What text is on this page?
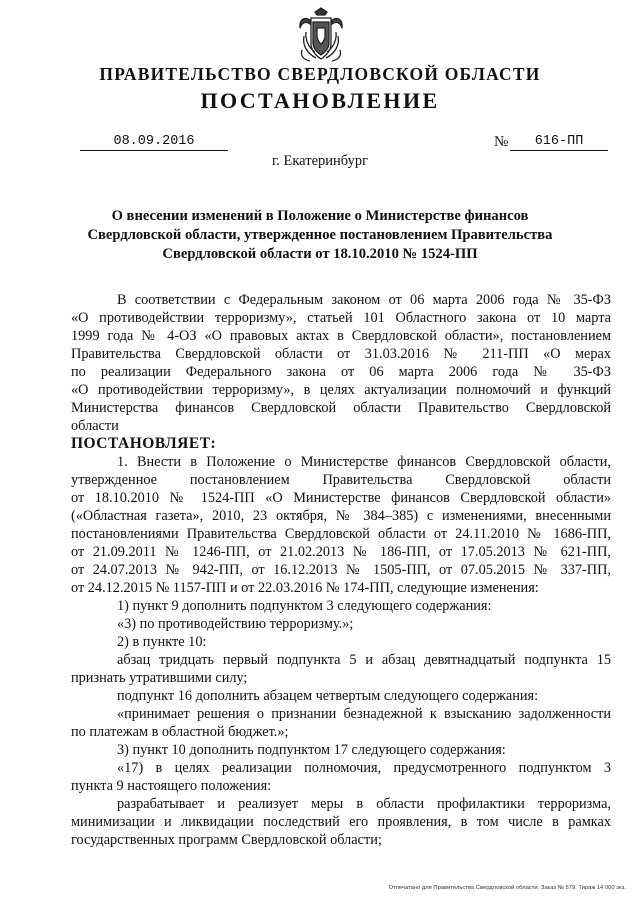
ПРАВИТЕЛЬСТВО СВЕРДЛОВСКОЙ ОБЛАСТИ
ПОСТАНОВЛЕНИЕ
08.09.2016	№	616-ПП
г. Екатеринбург
О внесении изменений в Положение о Министерстве финансов
Свердловской области, утвержденное постановлением Правительства
Свердловской области от 18.10.2010 № 1524-ПП
В соответствии с Федеральным законом от 06 марта 2006 года № 35-ФЗ
«О противодействии терроризму», статьей 101 Областного закона от 10 марта
1999 года № 4-ОЗ «О правовых актах в Свердловской области», постановлением
Правительства Свердловской области от 31.03.2016 № 211-ПП «О мерах
по реализации Федерального закона от 06 марта 2006 года № 35-ФЗ
«О противодействии терроризму», в целях актуализации полномочий и функций
Министерства финансов Свердловской области Правительство Свердловской
области
ПОСТАНОВЛЯЕТ:
1. Внести в Положение о Министерстве финансов Свердловской области,
утвержденное постановлением Правительства Свердловской области
от 18.10.2010 № 1524-ПП «О Министерстве финансов Свердловской области»
(«Областная газета», 2010, 23 октября, № 384–385) с изменениями, внесенными
постановлениями Правительства Свердловской области от 24.11.2010 № 1686-ПП,
от 21.09.2011 № 1246-ПП, от 21.02.2013 № 186-ПП, от 17.05.2013 № 621-ПП,
от 24.07.2013 № 942-ПП, от 16.12.2013 № 1505-ПП, от 07.05.2015 № 337-ПП,
от 24.12.2015 № 1157-ПП и от 22.03.2016 № 174-ПП, следующие изменения:
1) пункт 9 дополнить подпунктом 3 следующего содержания:
«3) по противодействию терроризму.»;
2) в пункте 10:
абзац тридцать первый подпункта 5 и абзац девятнадцатый подпункта 15
признать утратившими силу;
подпункт 16 дополнить абзацем четвертым следующего содержания:
«принимает решения о признании безнадежной к взысканию задолженности
по платежам в областной бюджет.»;
3) пункт 10 дополнить подпунктом 17 следующего содержания:
«17) в целях реализации полномочия, предусмотренного подпунктом 3
пункта 9 настоящего положения:
разрабатывает и реализует меры в области профилактики терроризма,
минимизации и ликвидации последствий его проявления, в том числе в рамках
государственных программ Свердловской области;
Отпечатано для Правительства Свердловской области. Заказ № 579. Тираж 14 000 экз.
